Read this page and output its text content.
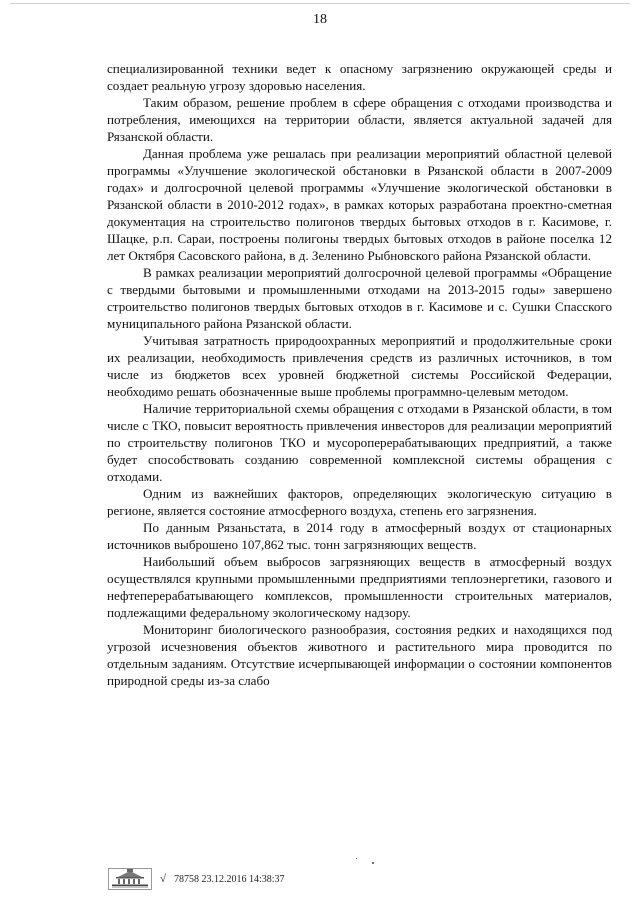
18

специализированной техники ведет к опасному загрязнению окружающей среды и создает реальную угрозу здоровью населения.

Таким образом, решение проблем в сфере обращения с отходами производства и потребления, имеющихся на территории области, является актуальной задачей для Рязанской области.

Данная проблема уже решалась при реализации мероприятий областной целевой программы «Улучшение экологической обстановки в Рязанской области в 2007-2009 годах» и долгосрочной целевой программы «Улучшение экологической обстановки в Рязанской области в 2010-2012 годах», в рамках которых разработана проектно-сметная документация на строительство полигонов твердых бытовых отходов в г. Касимове, г. Шацке, р.п. Сараи, построены полигоны твердых бытовых отходов в районе поселка 12 лет Октября Сасовского района, в д. Зеленино Рыбновского района Рязанской области.

В рамках реализации мероприятий долгосрочной целевой программы «Обращение с твердыми бытовыми и промышленными отходами на 2013-2015 годы» завершено строительство полигонов твердых бытовых отходов в г. Касимове и с. Сушки Спасского муниципального района Рязанской области.

Учитывая затратность природоохранных мероприятий и продолжительные сроки их реализации, необходимость привлечения средств из различных источников, в том числе из бюджетов всех уровней бюджетной системы Российской Федерации, необходимо решать обозначенные выше проблемы программно-целевым методом.

Наличие территориальной схемы обращения с отходами в Рязанской области, в том числе с ТКО, повысит вероятность привлечения инвесторов для реализации мероприятий по строительству полигонов ТКО и мусороперерабатывающих предприятий, а также будет способствовать созданию современной комплексной системы обращения с отходами.

Одним из важнейших факторов, определяющих экологическую ситуацию в регионе, является состояние атмосферного воздуха, степень его загрязнения.

По данным Рязаньстата, в 2014 году в атмосферный воздух от стационарных источников выброшено 107,862 тыс. тонн загрязняющих веществ.

Наибольший объем выбросов загрязняющих веществ в атмосферный воздух осуществлялся крупными промышленными предприятиями теплоэнергетики, газового и нефтеперерабатывающего комплексов, промышленности строительных материалов, подлежащими федеральному экологическому надзору.

Мониторинг биологического разнообразия, состояния редких и находящихся под угрозой исчезновения объектов животного и растительного мира проводится по отдельным заданиям. Отсутствие исчерпывающей информации о состоянии компонентов природной среды из-за слабо

√ 78758 23.12.2016 14:38:37
